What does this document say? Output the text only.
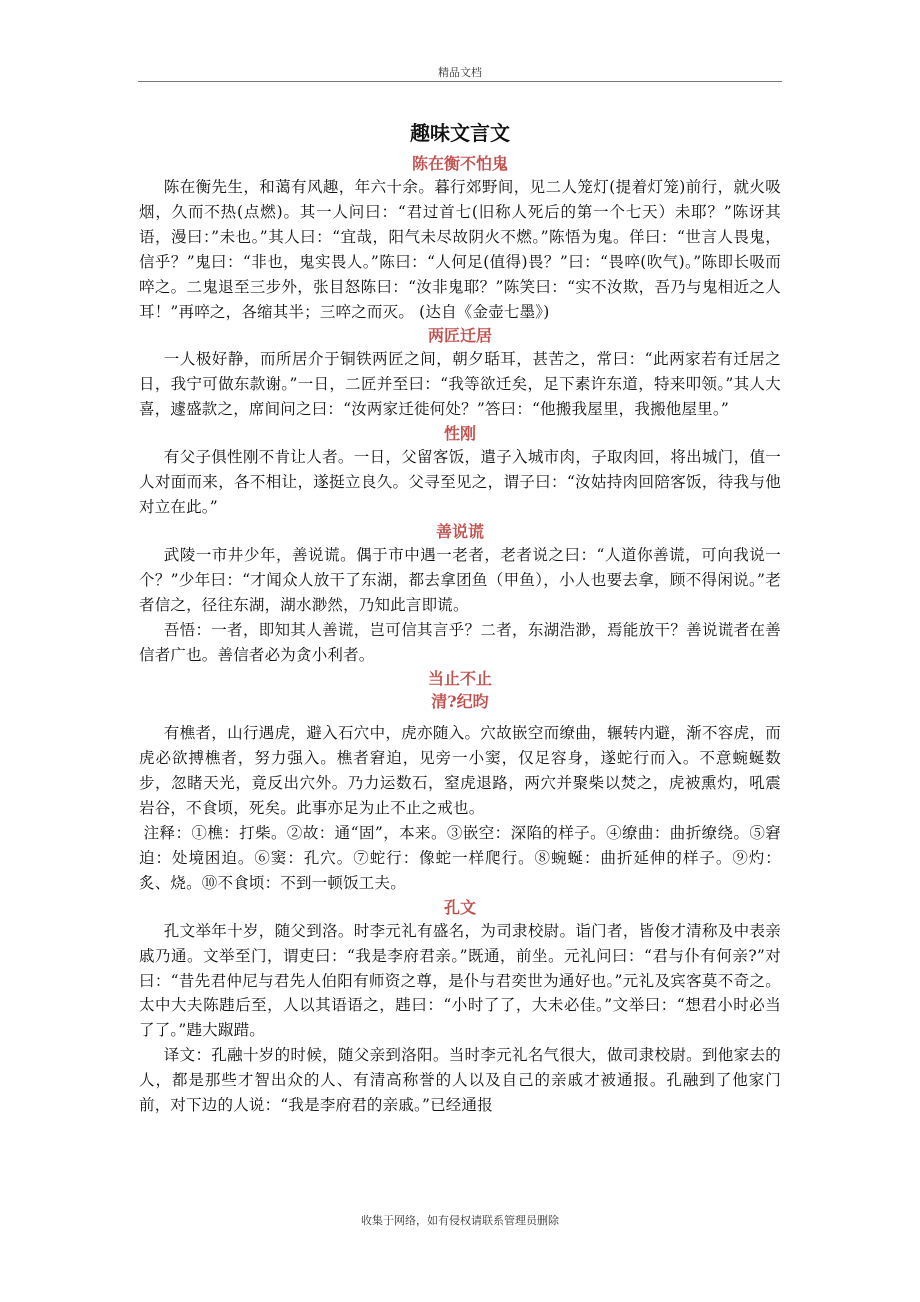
精品文档
趣味文言文
陈在衡不怕鬼

陈在衡先生，和蔼有风趣，年六十余。暮行郊野间，见二人笼灯(提着灯笼)前行，就火吸烟，久而不热(点燃)。其一人问曰：“君过首七(旧称人死后的第一个七天）未耶？”陈讶其语，漫曰：”未也。”其人曰：“宜哉，阳气未尽故阴火不燃。”陈悟为鬼。佯曰：“世言人畏鬼，信乎？”鬼曰：“非也，鬼实畏人。”陈曰：“人何足(值得)畏？”曰：“畏啐(吹气)。”陈即长吸而啐之。二鬼退至三步外，张目怒陈曰：“汝非鬼耶？”陈笑曰：“实不汝欺，吾乃与鬼相近之人耳！”再啐之，各缩其半；三啐之而灭。 (达自《金壶七墨》)

两匠迁居

一人极好静，而所居介于铜铁两匠之间，朝夕聒耳，甚苦之，常曰：“此两家若有迁居之日，我宁可做东款谢。”一日，二匠并至曰：“我等欲迁矣，足下素许东道，特来叩领。”其人大喜，遽盛款之，席间问之曰：“汝两家迁徙何处？”答曰：“他搬我屋里，我搬他屋里。”

性刚

有父子俱性刚不肯让人者。一日，父留客饭，遣子入城市肉，子取肉回，将出城门，值一人对面而来，各不相让，遂挺立良久。父寻至见之，谓子曰：“汝姑持肉回陪客饭，待我与他对立在此。”

善说谎

武陵一市井少年，善说谎。偶于市中遇一老者，老者说之曰：“人道你善谎，可向我说一个？”少年曰：“才闻众人放干了东湖，都去拿团鱼（甲鱼），小人也要去拿，顾不得闲说。”老者信之，径往东湖，湖水渺然，乃知此言即谎。

吾悟：一者，即知其人善谎，岂可信其言乎？二者，东湖浩渺，焉能放干？善说谎者在善信者广也。善信者必为贪小利者。

当止不止
清?纪昀

有樵者，山行遇虎，避入石穴中，虎亦随入。穴故嵌空而缭曲，辗转内避，渐不容虎，而虎必欲搏樵者，努力强入。樵者窘迫，见旁一小窦，仅足容身，遂蛇行而入。不意蜿蜒数步，忽睹天光，竟反出穴外。乃力运数石，窒虎退路，两穴并聚柴以焚之，虎被熏灼，吼震岩谷，不食顷，死矣。此事亦足为止不止之戒也。

注释：①樵：打柴。②故：通“固”，本来。③嵌空：深陷的样子。④缭曲：曲折缭绕。⑤窘迫：处境困迫。⑥窦：孔穴。⑦蛇行：像蛇一样爬行。⑧蜿蜒：曲折延伸的样子。⑨灼：炙、烧。⑩不食顷：不到一顿饭工夫。

孔文

孔文举年十岁，随父到洛。时李元礼有盛名，为司隶校尉。诣门者，皆俊才清称及中表亲戚乃通。文举至门，谓吏曰：“我是李府君亲。”既通，前坐。元礼问曰：“君与仆有何亲?”对曰：“昔先君仲尼与君先人伯阳有师资之尊，是仆与君奕世为通好也。”元礼及宾客莫不奇之。太中大夫陈韪后至，人以其语语之，韪曰：“小时了了，大未必佳。”文举曰：“想君小时必当了了。”韪大踧踖。

译文：孔融十岁的时候，随父亲到洛阳。当时李元礼名气很大，做司隶校尉。到他家去的人，都是那些才智出众的人、有清高称誉的人以及自己的亲戚才被通报。孔融到了他家门前，对下边的人说：“我是李府君的亲戚。”已经通报

收集于网络，如有侵权请联系管理员删除
